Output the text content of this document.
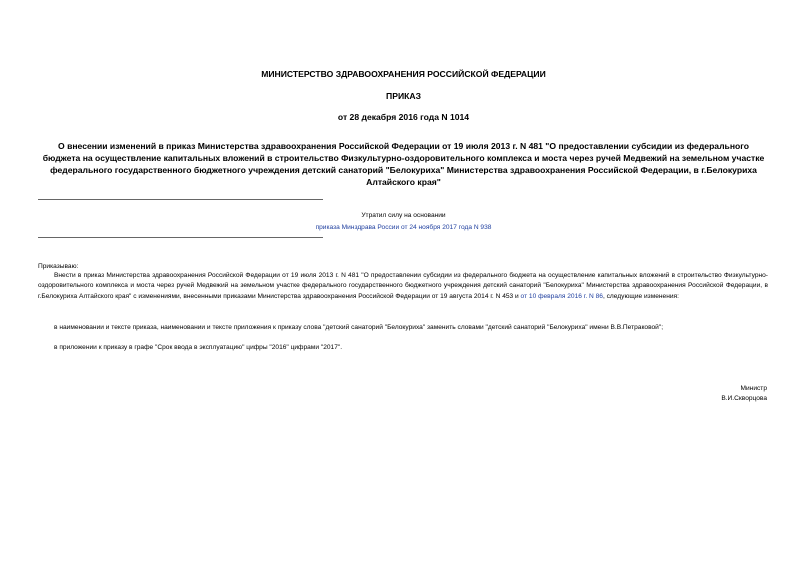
МИНИСТЕРСТВО ЗДРАВООХРАНЕНИЯ РОССИЙСКОЙ ФЕДЕРАЦИИ
ПРИКАЗ
от 28 декабря 2016 года N 1014
О внесении изменений в приказ Министерства здравоохранения Российской Федерации от 19 июля 2013 г. N 481 "О предоставлении субсидии из федерального бюджета на осуществление капитальных вложений в строительство Физкультурно-оздоровительного комплекса и моста через ручей Медвежий на земельном участке федерального государственного бюджетного учреждения детский санаторий "Белокуриха" Министерства здравоохранения Российской Федерации, в г.Белокуриха Алтайского края"
Утратил силу на основании
приказа Минздрава России от 24 ноября 2017 года N 938
Приказываю:
Внести в приказ Министерства здравоохранения Российской Федерации от 19 июля 2013 г. N 481 "О предоставлении субсидии из федерального бюджета на осуществление капитальных вложений в строительство Физкультурно-оздоровительного комплекса и моста через ручей Медвежий на земельном участке федерального государственного бюджетного учреждения детский санаторий "Белокуриха" Министерства здравоохранения Российской Федерации, в г.Белокуриха Алтайского края" с изменениями, внесенными приказами Министерства здравоохранения Российской Федерации от 19 августа 2014 г. N 453 и от 10 февраля 2016 г. N 86, следующие изменения:
в наименовании и тексте приказа, наименовании и тексте приложения к приказу слова "детский санаторий "Белокуриха" заменить словами "детский санаторий "Белокуриха" имени В.В.Петраковой";
в приложении к приказу в графе "Срок ввода в эксплуатацию" цифры "2016" цифрами "2017".
Министр
В.И.Скворцова
